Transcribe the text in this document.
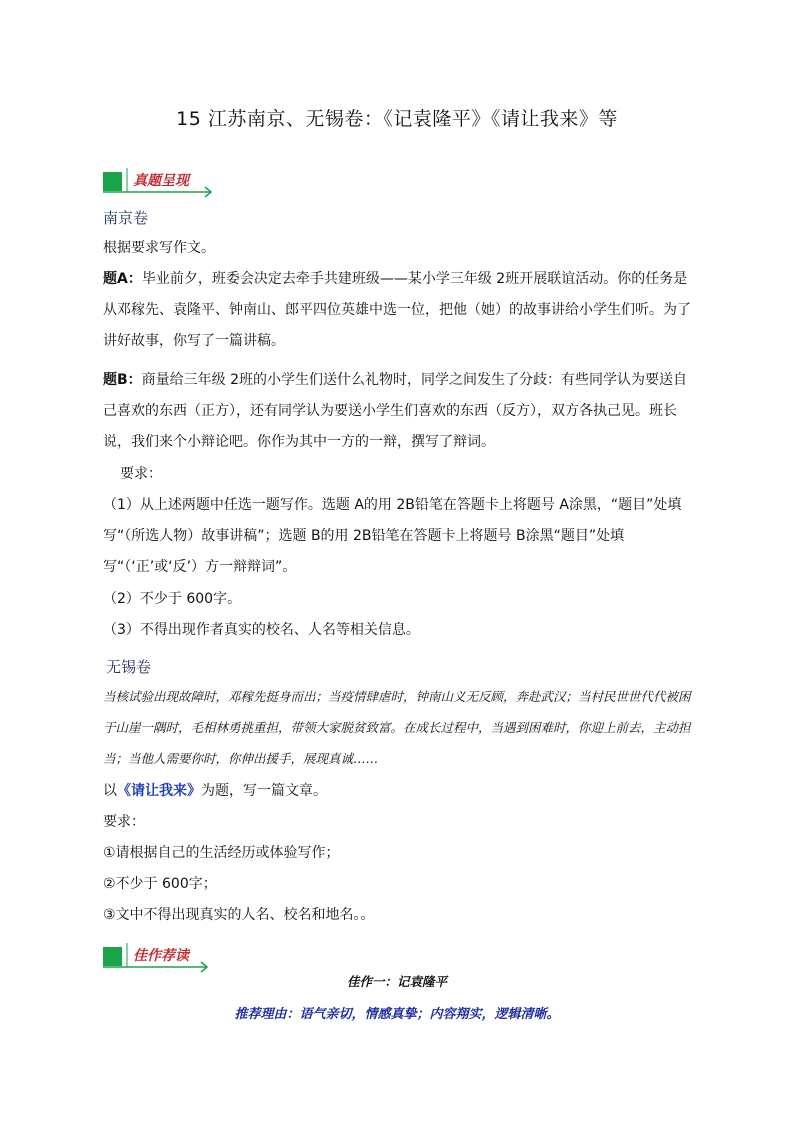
15 江苏南京、无锡卷：《记袁隆平》《请让我来》等
真题呈现
南京卷
根据要求写作文。
题A：毕业前夕，班委会决定去牵手共建班级——某小学三年级 2班开展联谊活动。你的任务是从邓稼先、袁隆平、钟南山、郎平四位英雄中选一位，把他（她）的故事讲给小学生们听。为了讲好故事，你写了一篇讲稿。
题B：商量给三年级 2班的小学生们送什么礼物时，同学之间发生了分歧：有些同学认为要送自己喜欢的东西（正方），还有同学认为要送小学生们喜欢的东西（反方），双方各执己见。班长说，我们来个小辩论吧。你作为其中一方的一辩，撰写了辩词。
要求：
（1）从上述两题中任选一题写作。选题 A的用 2B铅笔在答题卡上将题号 A涂黑，“题目”处填写“（所选人物）故事讲稿”；选题 B的用 2B铅笔在答题卡上将题号 B涂黑“题目”处填写“（‘正’或‘反’）方一辩辩词”。
（2）不少于 600字。
（3）不得出现作者真实的校名、人名等相关信息。
无锡卷
当核试验出现故障时，邓稼先挺身而出；当疫情肆虐时，钟南山义无反顾，奔赴武汉；当村民世世代代被困于山崖一隅时，毛相林勇挑重担，带领大家脱贫致富。在成长过程中，当遇到困难时，你迎上前去，主动担当；当他人需要你时，你伸出援手，展现真诚……
以《请让我来》为题，写一篇文章。
要求：
①请根据自己的生活经历或体验写作；
②不少于 600字；
③文中不得出现真实的人名、校名和地名。。
佳作荐读
佳作一：记袁隆平
推荐理由：语气亲切，情感真挚；内容翔实，逻辑清晰。
